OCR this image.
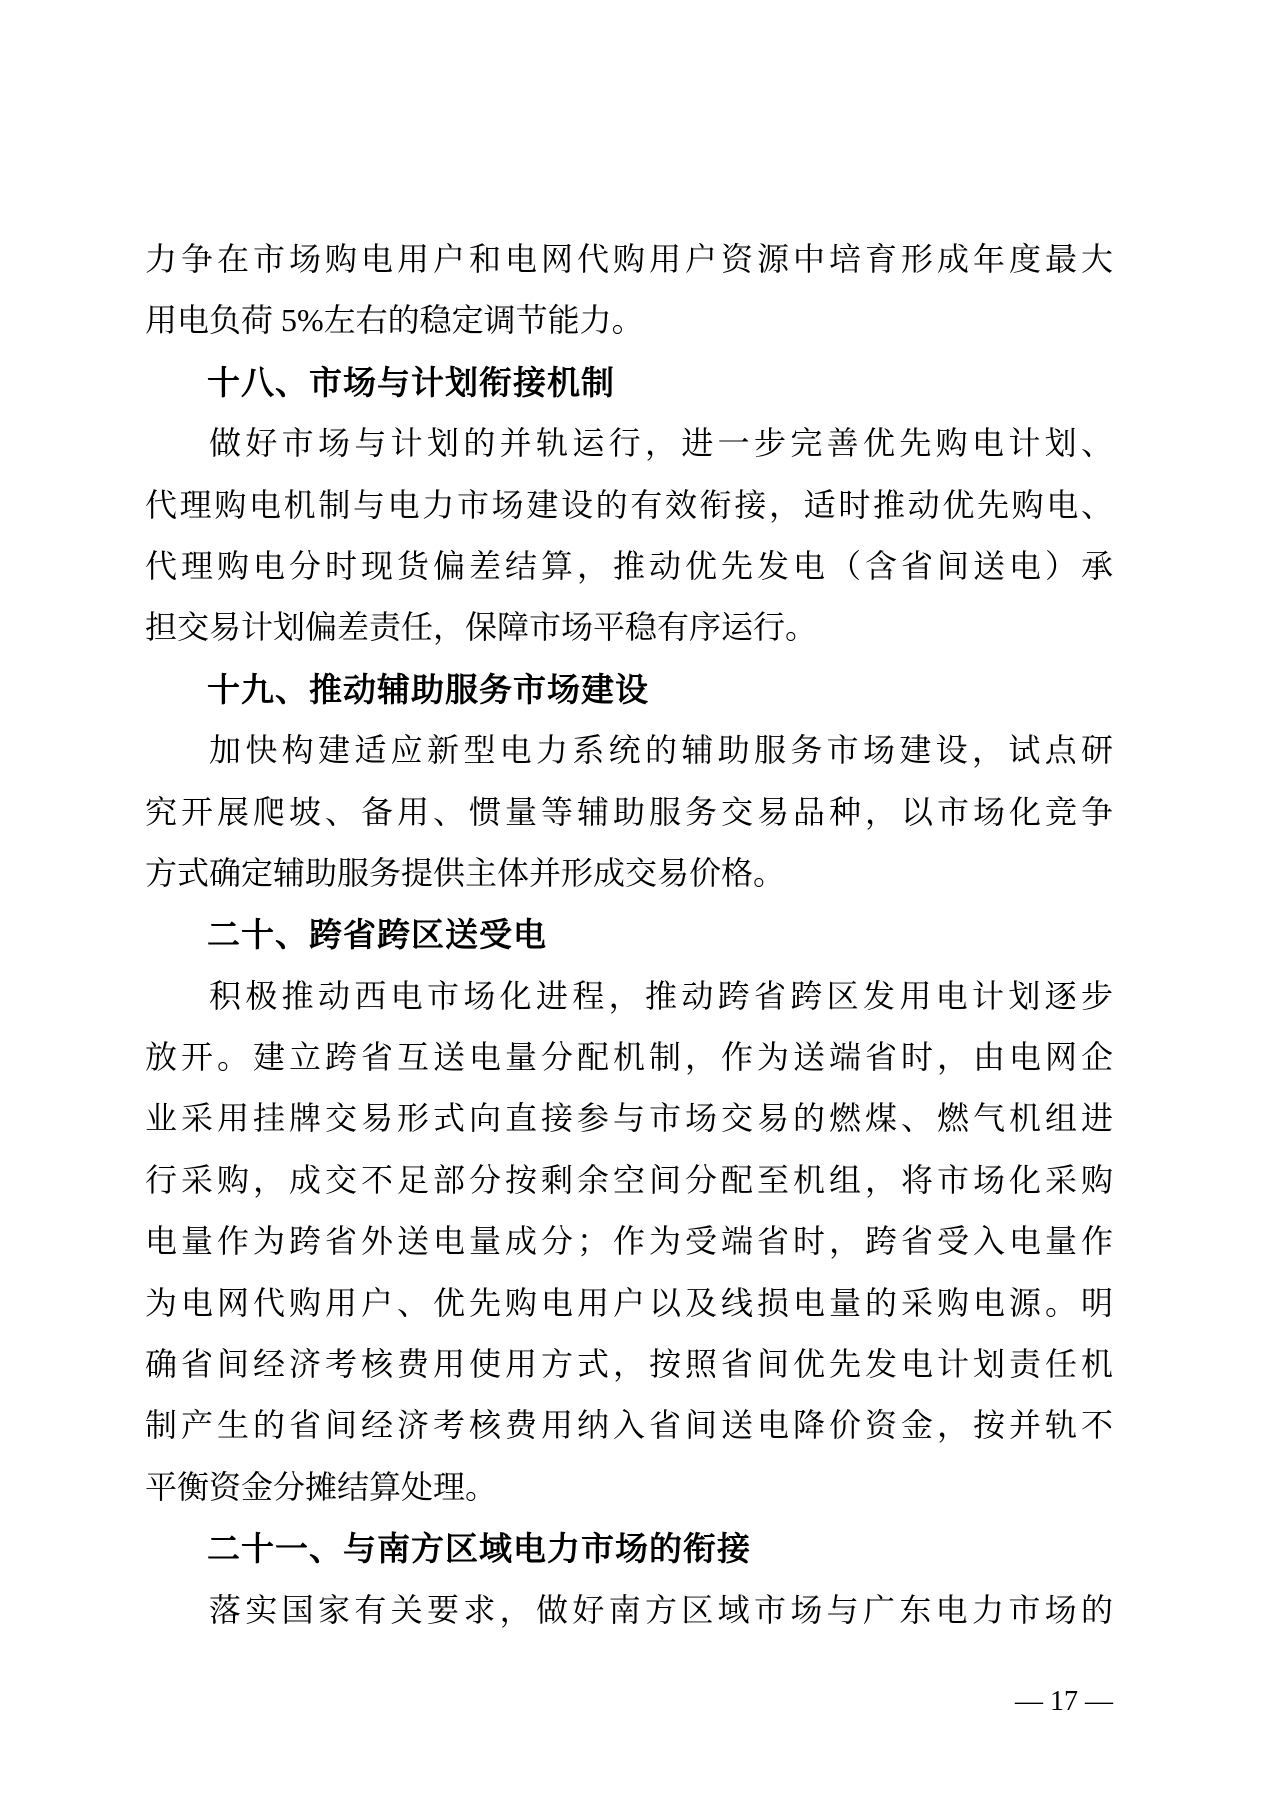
力争在市场购电用户和电网代购用户资源中培育形成年度最大
用电负荷 5%左右的稳定调节能力。
十八、市场与计划衔接机制
做好市场与计划的并轨运行，进一步完善优先购电计划、
代理购电机制与电力市场建设的有效衔接，适时推动优先购电、
代理购电分时现货偏差结算，推动优先发电（含省间送电）承
担交易计划偏差责任，保障市场平稳有序运行。
十九、推动辅助服务市场建设
加快构建适应新型电力系统的辅助服务市场建设，试点研
究开展爬坡、备用、惯量等辅助服务交易品种，以市场化竞争
方式确定辅助服务提供主体并形成交易价格。
二十、跨省跨区送受电
积极推动西电市场化进程，推动跨省跨区发用电计划逐步
放开。建立跨省互送电量分配机制，作为送端省时，由电网企
业采用挂牌交易形式向直接参与市场交易的燃煤、燃气机组进
行采购，成交不足部分按剩余空间分配至机组，将市场化采购
电量作为跨省外送电量成分；作为受端省时，跨省受入电量作
为电网代购用户、优先购电用户以及线损电量的采购电源。明
确省间经济考核费用使用方式，按照省间优先发电计划责任机
制产生的省间经济考核费用纳入省间送电降价资金，按并轨不
平衡资金分摊结算处理。
二十一、与南方区域电力市场的衔接
落实国家有关要求，做好南方区域市场与广东电力市场的
— 17 —
